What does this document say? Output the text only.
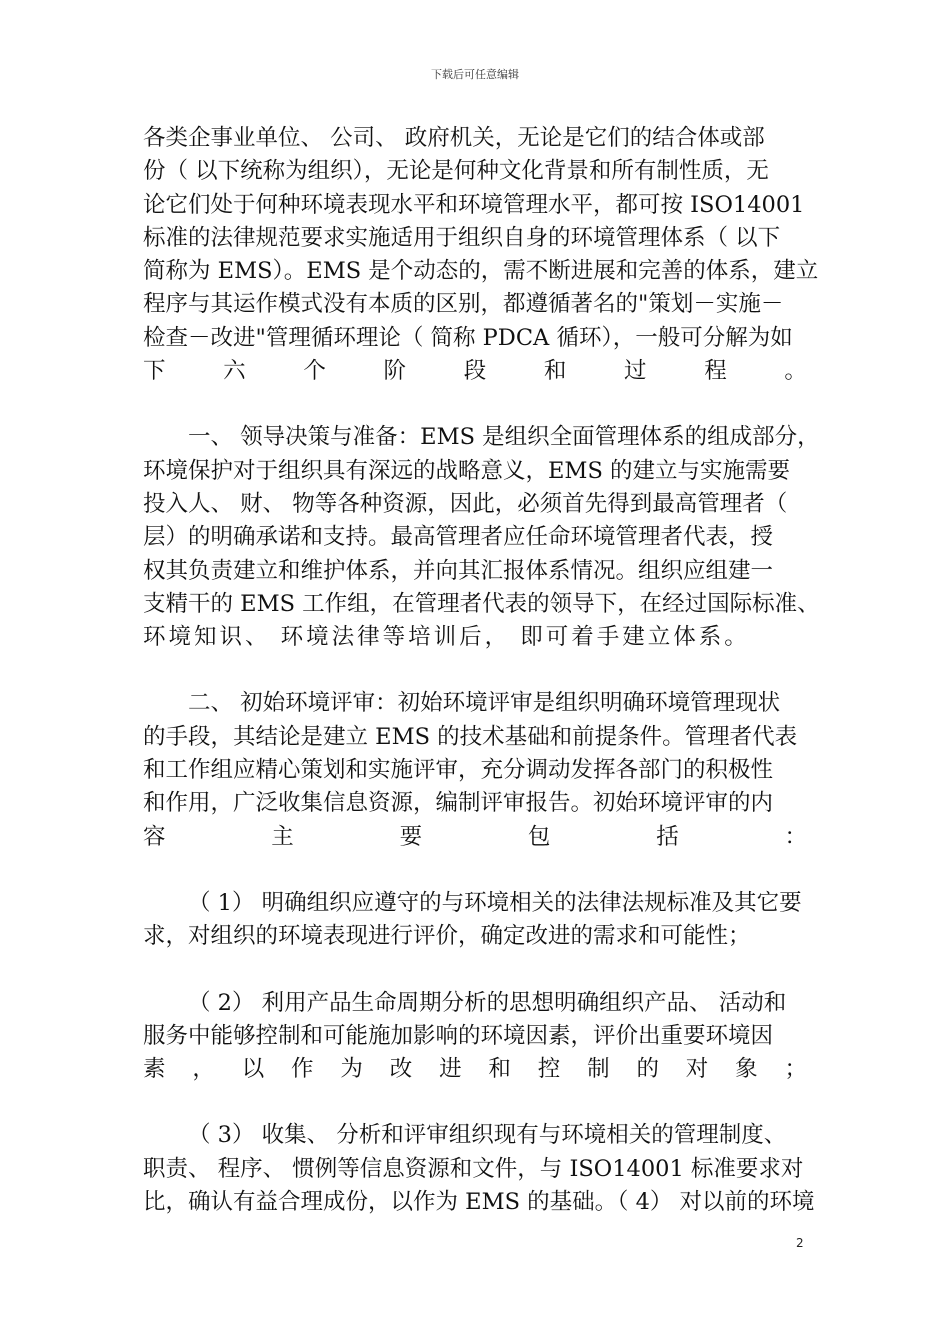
下载后可任意编辑
各类企事业单位、 公司、 政府机关，无论是它们的结合体或部
份（ 以下统称为组织），无论是何种文化背景和所有制性质，无
论它们处于何种环境表现水平和环境管理水平，都可按 ISO14001
标准的法律规范要求实施适用于组织自身的环境管理体系（ 以下
简称为 EMS）。EMS 是个动态的，需不断进展和完善的体系，建立
程序与其运作模式没有本质的区别，都遵循著名的"策划－实施－
检查－改进"管理循环理论（ 简称 PDCA 循环），一般可分解为如
下	六	个	阶	段	和	过	程	。
一、 领导决策与准备：EMS 是组织全面管理体系的组成部分，
环境保护对于组织具有深远的战略意义，EMS 的建立与实施需要
投入人、 财、 物等各种资源，因此，必须首先得到最高管理者（
层）的明确承诺和支持。最高管理者应任命环境管理者代表，授
权其负责建立和维护体系，并向其汇报体系情况。组织应组建一
支精干的 EMS 工作组，在管理者代表的领导下，在经过国际标准、
环境知识、 环境法律等培训后， 即可着手建立体系。
二、 初始环境评审：初始环境评审是组织明确环境管理现状
的手段，其结论是建立 EMS 的技术基础和前提条件。管理者代表
和工作组应精心策划和实施评审，充分调动发挥各部门的积极性
和作用，广泛收集信息资源，编制评审报告。初始环境评审的内
容	主	要	包	括	：
（ 1） 明确组织应遵守的与环境相关的法律法规标准及其它要
求，对组织的环境表现进行评价，确定改进的需求和可能性；
（ 2） 利用产品生命周期分析的思想明确组织产品、 活动和
服务中能够控制和可能施加影响的环境因素，评价出重要环境因
素 ， 以 作 为 改 进 和 控 制 的 对 象 ；
（ 3） 收集、 分析和评审组织现有与环境相关的管理制度、
职责、 程序、 惯例等信息资源和文件，与 ISO14001 标准要求对
比，确认有益合理成份，以作为 EMS 的基础。（ 4） 对以前的环境
2
